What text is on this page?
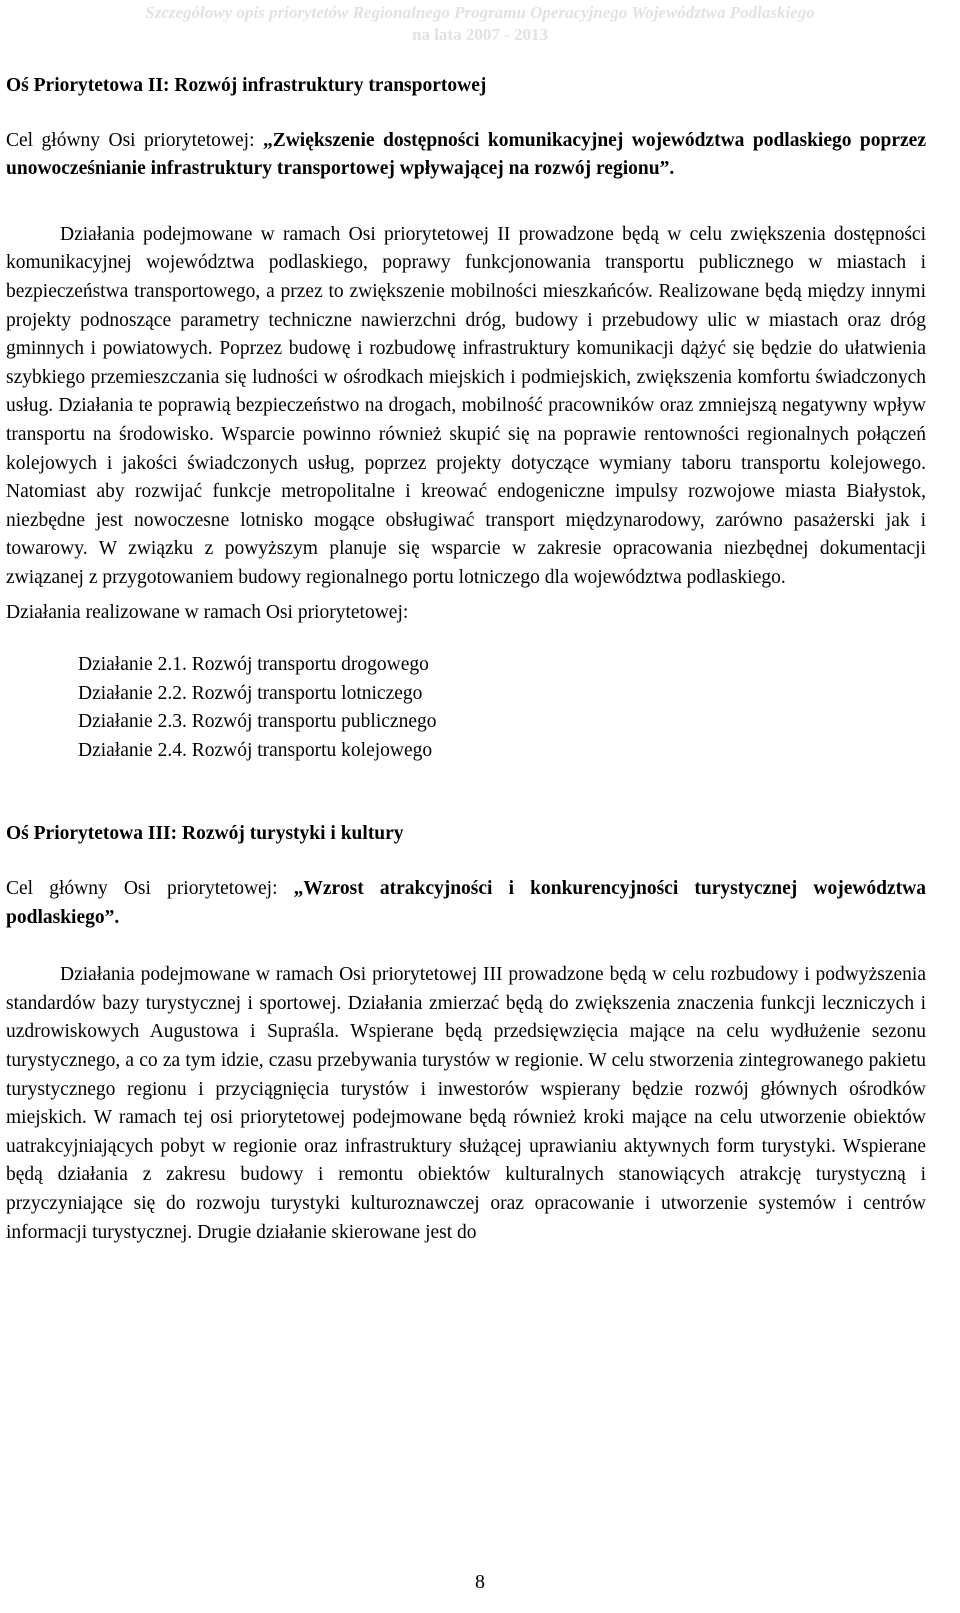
Szczegółowy opis priorytetów Regionalnego Programu Operacyjnego Województwa Podlaskiego
na lata 2007 - 2013

Oś Priorytetowa II: Rozwój infrastruktury transportowej

Cel główny Osi priorytetowej: „Zwiększenie dostępności komunikacyjnej województwa podlaskiego poprzez unowocześnianie infrastruktury transportowej wpływającej na rozwój regionu”.

Działania podejmowane w ramach Osi priorytetowej II prowadzone będą w celu zwiększenia dostępności komunikacyjnej województwa podlaskiego, poprawy funkcjonowania transportu publicznego w miastach i bezpieczeństwa transportowego, a przez to zwiększenie mobilności mieszkańców. Realizowane będą między innymi projekty podnoszące parametry techniczne nawierzchni dróg, budowy i przebudowy ulic w miastach oraz dróg gminnych i powiatowych. Poprzez budowę i rozbudowę infrastruktury komunikacji dążyć się będzie do ułatwienia szybkiego przemieszczania się ludności w ośrodkach miejskich i podmiejskich, zwiększenia komfortu świadczonych usług. Działania te poprawią bezpieczeństwo na drogach, mobilność pracowników oraz zmniejszą negatywny wpływ transportu na środowisko. Wsparcie powinno również skupić się na poprawie rentowności regionalnych połączeń kolejowych i jakości świadczonych usług, poprzez projekty dotyczące wymiany taboru transportu kolejowego. Natomiast aby rozwijać funkcje metropolitalne i kreować endogeniczne impulsy rozwojowe miasta Białystok, niezbędne jest nowoczesne lotnisko mogące obsługiwać transport międzynarodowy, zarówno pasażerski jak i towarowy. W związku z powyższym planuje się wsparcie w zakresie opracowania niezbędnej dokumentacji związanej z przygotowaniem budowy regionalnego portu lotniczego dla województwa podlaskiego.

Działania realizowane w ramach Osi priorytetowej:

Działanie 2.1. Rozwój transportu drogowego
Działanie 2.2. Rozwój transportu lotniczego
Działanie 2.3. Rozwój transportu publicznego
Działanie 2.4. Rozwój transportu kolejowego

Oś Priorytetowa III: Rozwój turystyki i kultury

Cel główny Osi priorytetowej: „Wzrost atrakcyjności i konkurencyjności turystycznej województwa podlaskiego”.

Działania podejmowane w ramach Osi priorytetowej III prowadzone będą w celu rozbudowy i podwyższenia standardów bazy turystycznej i sportowej. Działania zmierzać będą do zwiększenia znaczenia funkcji leczniczych i uzdrowiskowych Augustowa i Supraśla. Wspierane będą przedsięwzięcia mające na celu wydłużenie sezonu turystycznego, a co za tym idzie, czasu przebywania turystów w regionie. W celu stworzenia zintegrowanego pakietu turystycznego regionu i przyciągnięcia turystów i inwestorów wspierany będzie rozwój głównych ośrodków miejskich. W ramach tej osi priorytetowej podejmowane będą również kroki mające na celu utworzenie obiektów uatrakcyjniających pobyt w regionie oraz infrastruktury służącej uprawianiu aktywnych form turystyki. Wspierane będą działania z zakresu budowy i remontu obiektów kulturalnych stanowiących atrakcję turystyczną i przyczyniające się do rozwoju turystyki kulturoznawczej oraz opracowanie i utworzenie systemów i centrów informacji turystycznej. Drugie działanie skierowane jest do

8
